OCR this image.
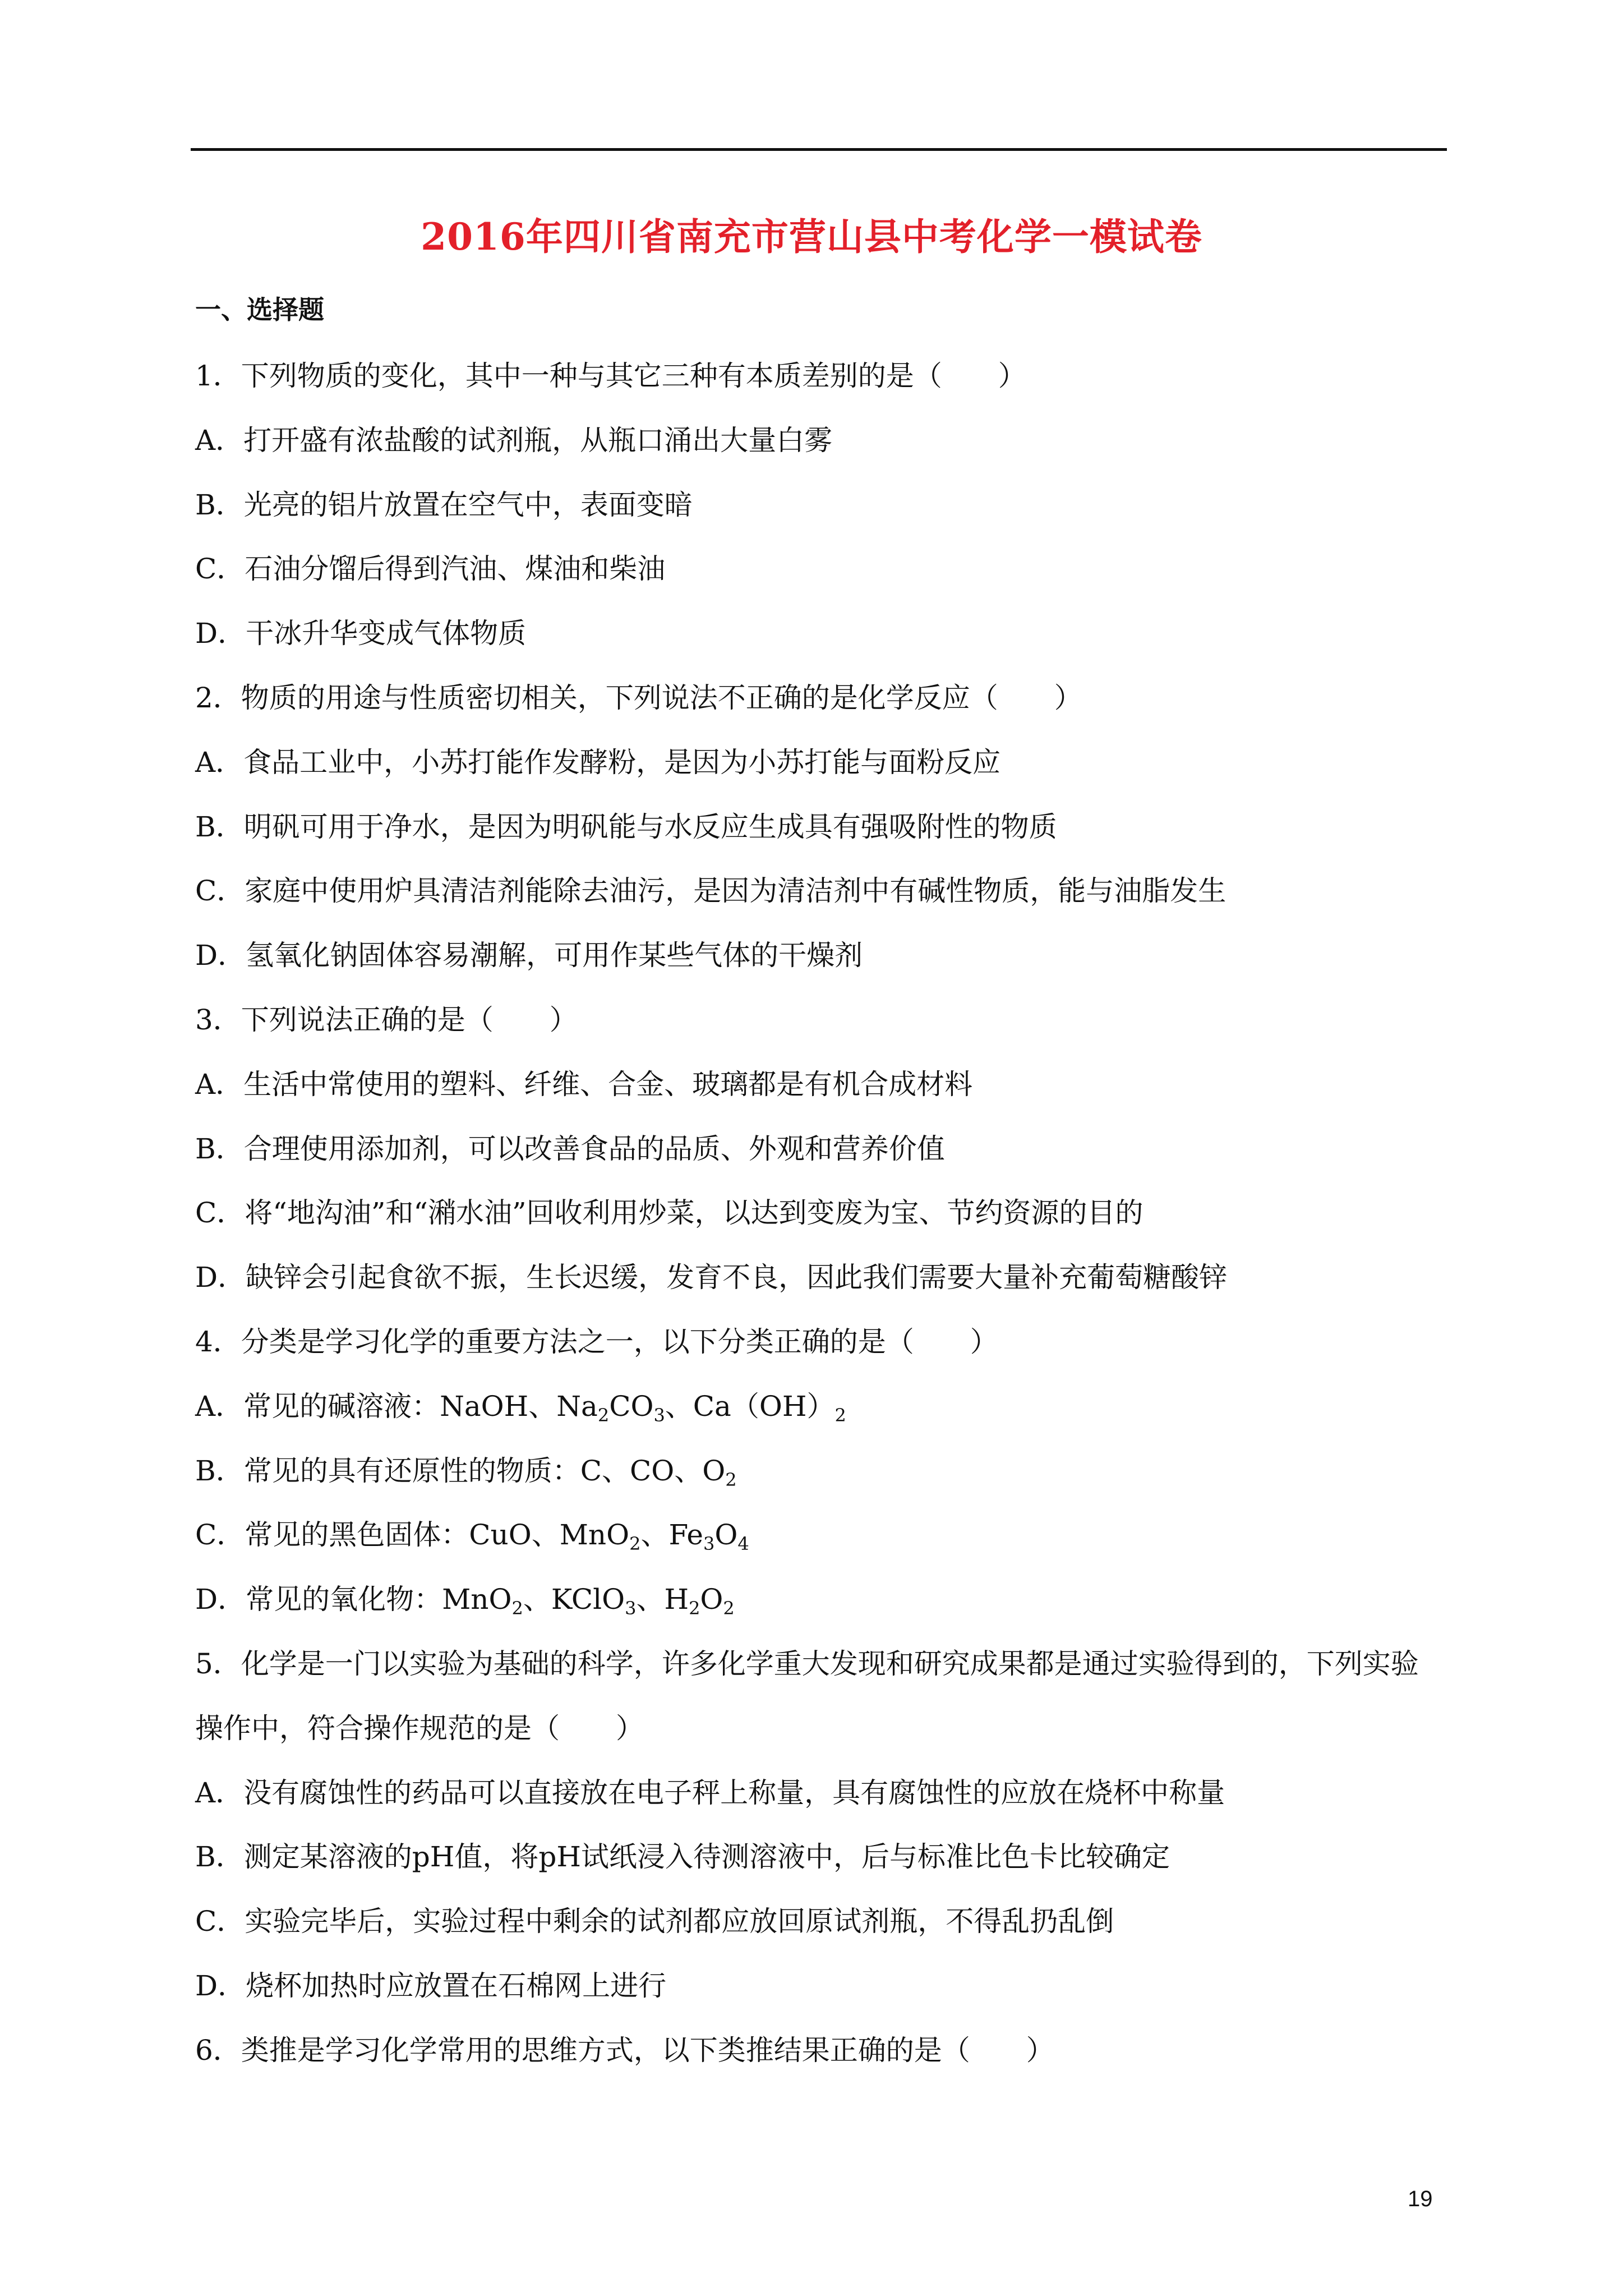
2016年四川省南充市营山县中考化学一模试卷
一、选择题
1．下列物质的变化，其中一种与其它三种有本质差别的是（　　）
A．打开盛有浓盐酸的试剂瓶，从瓶口涌出大量白雾
B．光亮的铝片放置在空气中，表面变暗
C．石油分馏后得到汽油、煤油和柴油
D．干冰升华变成气体物质
2．物质的用途与性质密切相关，下列说法不正确的是化学反应（　　）
A．食品工业中，小苏打能作发酵粉，是因为小苏打能与面粉反应
B．明矾可用于净水，是因为明矾能与水反应生成具有强吸附性的物质
C．家庭中使用炉具清洁剂能除去油污，是因为清洁剂中有碱性物质，能与油脂发生
D．氢氧化钠固体容易潮解，可用作某些气体的干燥剂
3．下列说法正确的是（　　）
A．生活中常使用的塑料、纤维、合金、玻璃都是有机合成材料
B．合理使用添加剂，可以改善食品的品质、外观和营养价值
C．将“地沟油”和“潲水油”回收利用炒菜，以达到变废为宝、节约资源的目的
D．缺锌会引起食欲不振，生长迟缓，发育不良，因此我们需要大量补充葡萄糖酸锌
4．分类是学习化学的重要方法之一，以下分类正确的是（　　）
A．常见的碱溶液：NaOH、$Na_2CO_3$、$Ca(OH)_2$
B．常见的具有还原性的物质：C、CO、$O_2$
C．常见的黑色固体：CuO、MnO$_2$、$Fe_3O_4$
D．常见的氧化物：MnO$_2$、KClO$_3$、$H_2O_2$
5．化学是一门以实验为基础的科学，许多化学重大发现和研究成果都是通过实验得到的，下列实验
操作中，符合操作规范的是（　　）
A．没有腐蚀性的药品可以直接放在电子秤上称量，具有腐蚀性的应放在烧杯中称量
B．测定某溶液的pH值，将pH试纸浸入待测溶液中，后与标准比色卡比较确定
C．实验完毕后，实验过程中剩余的试剂都应放回原试剂瓶，不得乱扔乱倒
D．烧杯加热时应放置在石棉网上进行
6．类推是学习化学常用的思维方式，以下类推结果正确的是（　　）
19
